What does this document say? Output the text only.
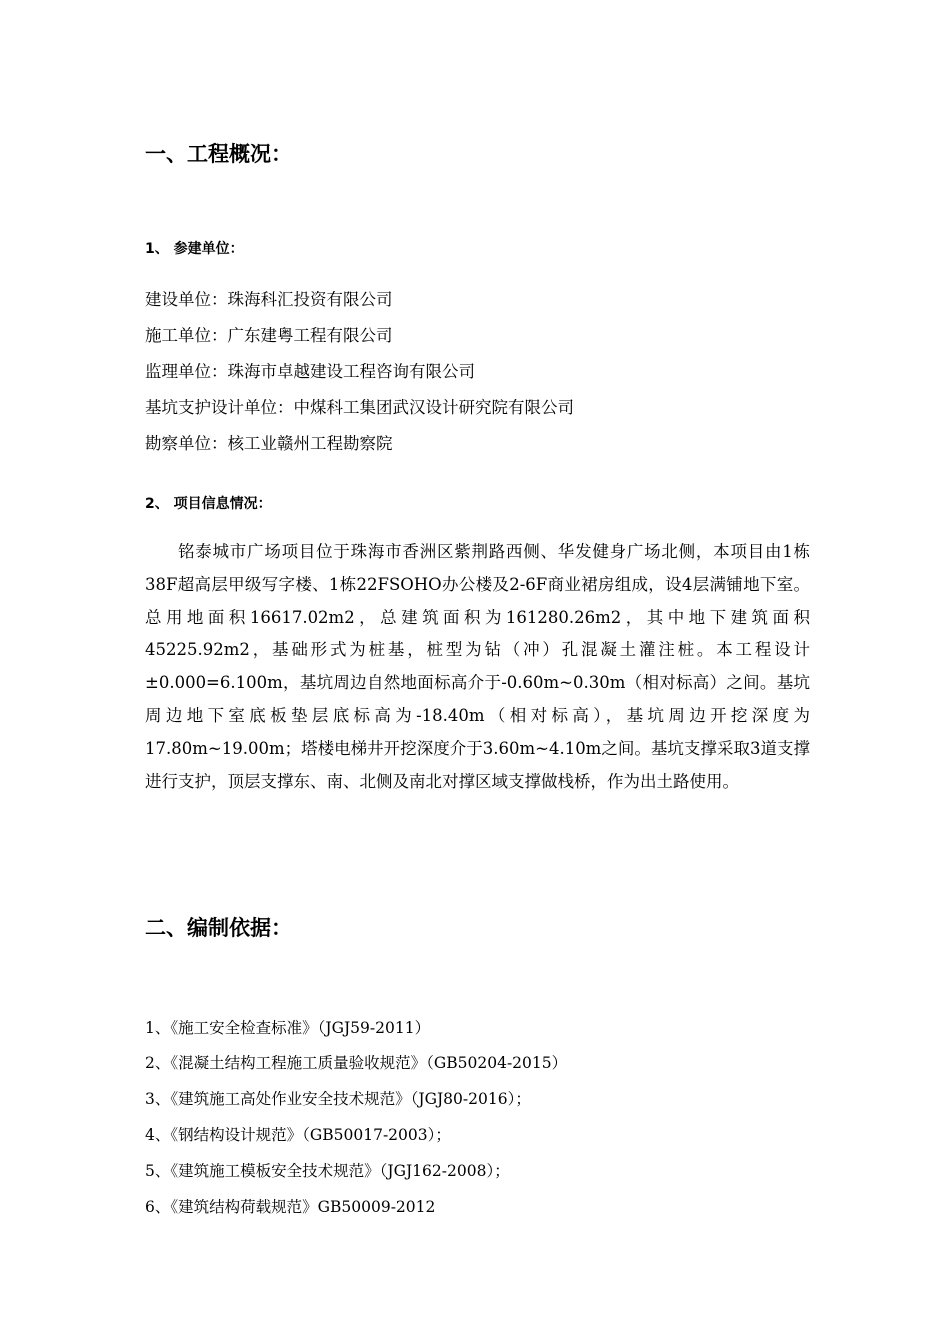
一、工程概况：
1、 参建单位：
建设单位：珠海科汇投资有限公司
施工单位：广东建粤工程有限公司
监理单位：珠海市卓越建设工程咨询有限公司
基坑支护设计单位：中煤科工集团武汉设计研究院有限公司
勘察单位：核工业赣州工程勘察院
2、 项目信息情况：

铭泰城市广场项目位于珠海市香洲区紫荆路西侧、华发健身广场北侧，本项目由1栋38F超高层甲级写字楼、1栋22FSOHO办公楼及2-6F商业裙房组成，设4层满铺地下室。总用地面积16617.02m2，总建筑面积为161280.26m2，其中地下建筑面积45225.92m2，基础形式为桩基，桩型为钻（冲）孔混凝土灌注桩。本工程设计±0.000=6.100m，基坑周边自然地面标高介于-0.60m~0.30m（相对标高）之间。基坑周边地下室底板垫层底标高为-18.40m（相对标高），基坑周边开挖深度为17.80m~19.00m；塔楼电梯井开挖深度介于3.60m~4.10m之间。基坑支撑采取3道支撑进行支护，顶层支撑东、南、北侧及南北对撑区域支撑做栈桥，作为出土路使用。

二、编制依据：
1、《施工安全检查标准》（JGJ59-2011）
2、《混凝土结构工程施工质量验收规范》（GB50204-2015）
3、《建筑施工高处作业安全技术规范》（JGJ80-2016）；
4、《钢结构设计规范》（GB50017-2003）；
5、《建筑施工模板安全技术规范》（JGJ162-2008）；
6、《建筑结构荷载规范》GB50009-2012
